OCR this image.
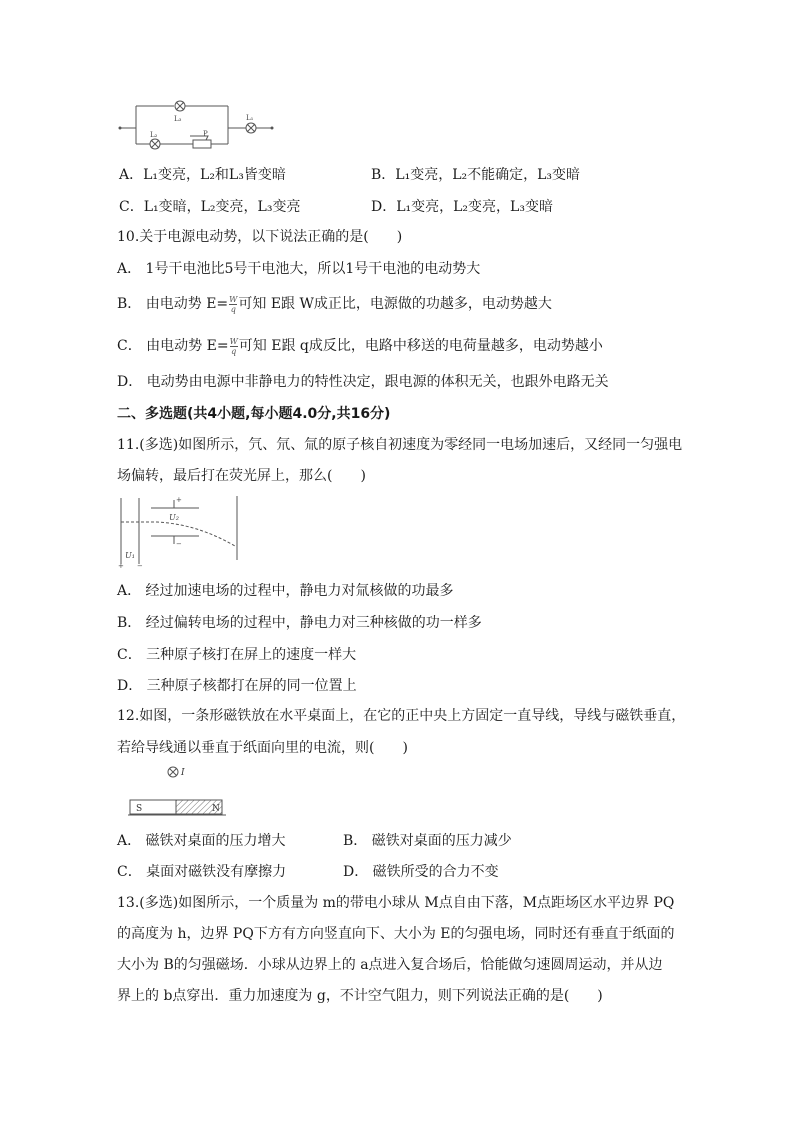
L₃
L₂
L₁
P
A．L₁变亮，L₂和L₃皆变暗	B．L₁变亮，L₂不能确定，L₃变暗
C．L₁变暗，L₂变亮，L₃变亮	D．L₁变亮，L₂变亮，L₃变暗
10.关于电源电动势，以下说法正确的是(　　)
A． 1号干电池比5号干电池大，所以1号干电池的电动势大
B． 由电动势 $E=\frac{W}{q}$ 可知 E跟 W成正比，电源做的功越多，电动势越大
C． 由电动势 $E=\frac{W}{q}$ 可知 E跟 q成反比，电路中移送的电荷量越多，电动势越小
D． 电动势由电源中非静电力的特性决定，跟电源的体积无关，也跟外电路无关
二、多选题(共4小题,每小题4.0分,共16分)
11.(多选)如图所示，氕、氘、氚的原子核自初速度为零经同一电场加速后，又经同一匀强电
场偏转，最后打在荧光屏上，那么(　　)
U₂
U₁
+ −
+
−
A． 经过加速电场的过程中，静电力对氚核做的功最多
B． 经过偏转电场的过程中，静电力对三种核做的功一样多
C． 三种原子核打在屏上的速度一样大
D． 三种原子核都打在屏的同一位置上
12.如图，一条形磁铁放在水平桌面上，在它的正中央上方固定一直导线，导线与磁铁垂直，
若给导线通以垂直于纸面向里的电流，则(　　)
I
S	N
A． 磁铁对桌面的压力增大	B． 磁铁对桌面的压力减少
C． 桌面对磁铁没有摩擦力	D． 磁铁所受的合力不变
13.(多选)如图所示，一个质量为 m的带电小球从 M点自由下落，M点距场区水平边界 PQ
的高度为 h，边界 PQ下方有方向竖直向下、大小为 E的匀强电场，同时还有垂直于纸面的
大小为 B的匀强磁场．小球从边界上的 a点进入复合场后，恰能做匀速圆周运动，并从边
界上的 b点穿出．重力加速度为 g，不计空气阻力，则下列说法正确的是(　　)
